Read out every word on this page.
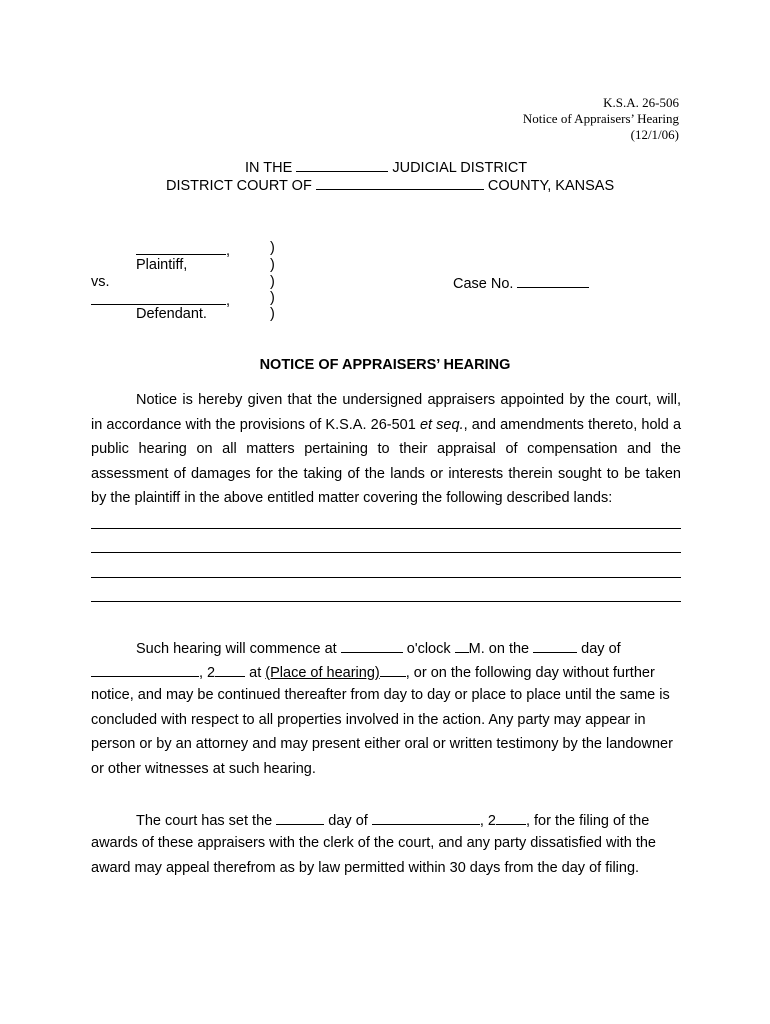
K.S.A. 26-506
Notice of Appraisers’ Hearing
(12/1/06)
IN THE	JUDICIAL DISTRICT
DISTRICT COURT OF	COUNTY, KANSAS
,
Plaintiff,
vs.
,
Defendant.
)
)
)
)
)
Case No.
NOTICE OF APPRAISERS’ HEARING
Notice is hereby given that the undersigned appraisers appointed by the court, will, in accordance with the provisions of K.S.A. 26-501 et seq., and amendments thereto, hold a public hearing on all matters pertaining to their appraisal of compensation and the assessment of damages for the taking of the lands or interests therein sought to be taken by the plaintiff in the above entitled matter covering the following described lands:
Such hearing will commence at	o'clock M. on the	day of
, 2 at (Place of hearing) , or on the following day without further
notice, and may be continued thereafter from day to day or place to place until the same is concluded with respect to all properties involved in the action. Any party may appear in person or by an attorney and may present either oral or written testimony by the landowner or other witnesses at such hearing.
The court has set the	day of	, 2 , for the filing of the
awards of these appraisers with the clerk of the court, and any party dissatisfied with the award may appeal therefrom as by law permitted within 30 days from the day of filing.
